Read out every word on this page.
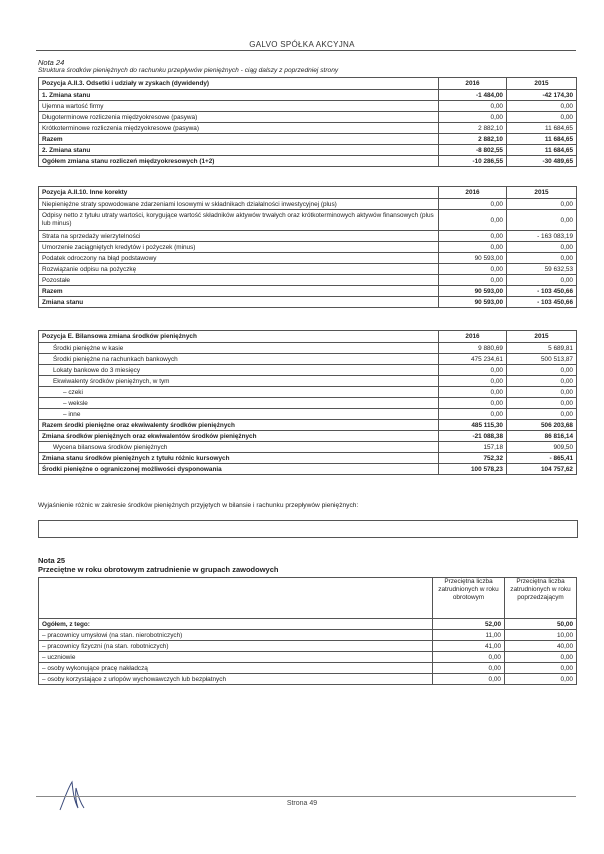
GALVO SPÓŁKA AKCYJNA
Nota 24
Struktura środków pieniężnych do rachunku przepływów pieniężnych - ciąg dalszy z poprzedniej strony
Pozycja A.II.3. Odsetki i udziały w zyskach (dywidendy)	2016	2015
1. Zmiana stanu	-1 484,00	-42 174,30
Ujemna wartość firmy	0,00	0,00
Długoterminowe rozliczenia międzyokresowe (pasywa)	0,00	0,00
Krótkoterminowe rozliczenia międzyokresowe (pasywa)	2 882,10	11 684,65
Razem	2 882,10	11 684,65
2. Zmiana stanu	-8 802,55	11 684,65
Ogółem zmiana stanu rozliczeń międzyokresowych (1+2)	-10 286,55	-30 489,65
Pozycja A.II.10. Inne korekty	2016	2015
Niepieniężne straty spowodowane zdarzeniami losowymi w składnikach działalności inwestycyjnej (plus)	0,00	0,00
Odpisy netto z tytułu utraty wartości, korygujące wartość składników aktywów trwałych oraz krótkoterminowych aktywów finansowych (plus lub minus)	0,00	0,00
Strata na sprzedaży wierzytelności	0,00	- 163 083,19
Umorzenie zaciągniętych kredytów i pożyczek (minus)	0,00	0,00
Podatek odroczony na błąd podstawowy	90 593,00	0,00
Rozwiązanie odpisu na pożyczkę	0,00	59 632,53
Pozostałe	0,00	0,00
Razem	90 593,00	- 103 450,66
Zmiana stanu	90 593,00	- 103 450,66
Pozycja E. Bilansowa zmiana środków pieniężnych	2016	2015
Środki pieniężne w kasie	9 880,69	5 689,81
Środki pieniężne na rachunkach bankowych	475 234,61	500 513,87
Lokaty bankowe do 3 miesięcy	0,00	0,00
Ekwiwalenty środków pieniężnych, w tym	0,00	0,00
– czeki	0,00	0,00
– weksle	0,00	0,00
– inne	0,00	0,00
Razem środki pieniężne oraz ekwiwalenty środków pieniężnych	485 115,30	506 203,68
Zmiana środków pieniężnych oraz ekwiwalentów środków pieniężnych	-21 088,38	86 816,14
Wycena bilansowa środków pieniężnych	157,18	909,50
Zmiana stanu środków pieniężnych z tytułu różnic kursowych	752,32	- 865,41
Środki pieniężne o ograniczonej możliwości dysponowania	100 578,23	104 757,62
Wyjaśnienie różnic w zakresie środków pieniężnych przyjętych w bilansie i rachunku przepływów pieniężnych:
Nota 25
Przeciętne w roku obrotowym zatrudnienie w grupach zawodowych
	Przeciętna liczba zatrudnionych w roku obrotowym	Przeciętna liczba zatrudnionych w roku poprzedzającym
Ogółem, z tego:	52,00	50,00
– pracownicy umysłowi (na stan. nierobotniczych)	11,00	10,00
– pracownicy fizyczni (na stan. robotniczych)	41,00	40,00
– uczniowie	0,00	0,00
– osoby wykonujące pracę nakładczą	0,00	0,00
– osoby korzystające z urlopów wychowawczych lub bezpłatnych	0,00	0,00
Strona 49
